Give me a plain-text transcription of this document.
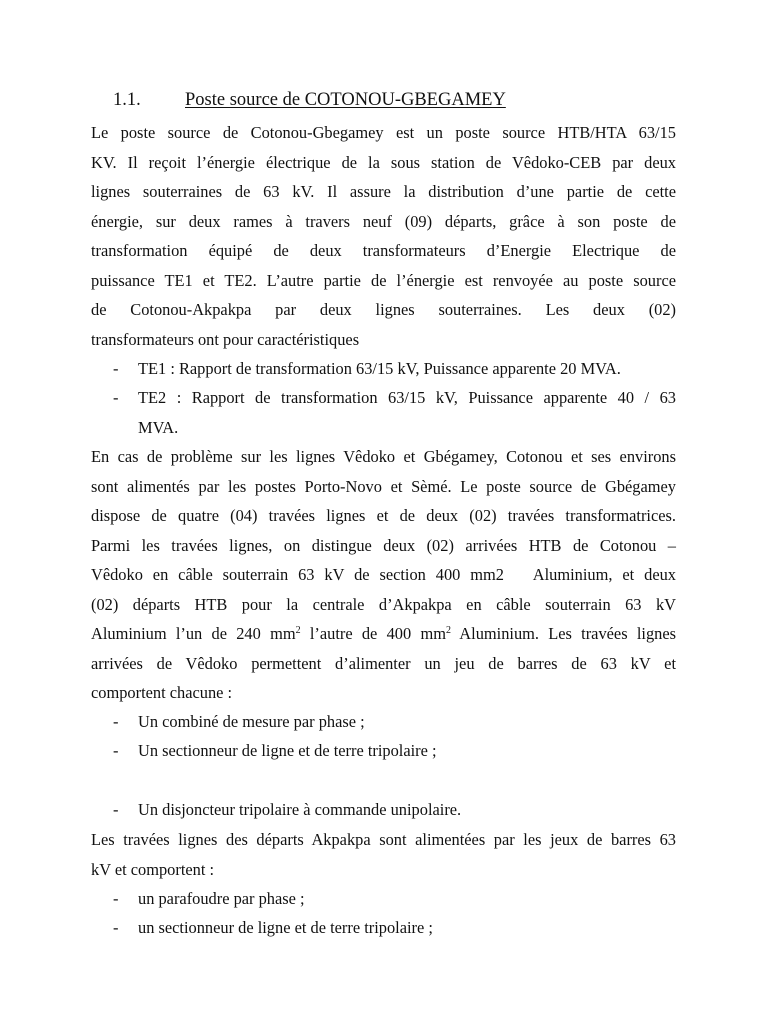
1.1. Poste source de COTONOU-GBEGAMEY
Le poste source de Cotonou-Gbegamey est un poste source HTB/HTA 63/15
KV. Il reçoit l’énergie électrique de la sous station de Vêdoko-CEB par deux
lignes souterraines de 63 kV. Il assure la distribution d’une partie de cette
énergie, sur deux rames à travers neuf (09) départs, grâce à son poste de
transformation équipé de deux transformateurs d’Energie Electrique de
puissance TE1 et TE2. L’autre partie de l’énergie est renvoyée au poste source
de Cotonou-Akpakpa par deux lignes souterraines. Les deux (02)
transformateurs ont pour caractéristiques
- TE1 : Rapport de transformation 63/15 kV, Puissance apparente 20 MVA.
- TE2 : Rapport de transformation 63/15 kV, Puissance apparente 40 / 63
MVA.
En cas de problème sur les lignes Vêdoko et Gbégamey, Cotonou et ses environs
sont alimentés par les postes Porto-Novo et Sèmé. Le poste source de Gbégamey
dispose de quatre (04) travées lignes et de deux (02) travées transformatrices.
Parmi les travées lignes, on distingue deux (02) arrivées HTB de Cotonou –
Vêdoko en câble souterrain 63 kV de section 400 mm2   Aluminium, et deux
(02) départs HTB pour la centrale d’Akpakpa en câble souterrain 63 kV
Aluminium l’un de 240 $mm^2$ l’autre de 400 $mm^2$ Aluminium. Les travées lignes
arrivées de Vêdoko permettent d’alimenter un jeu de barres de 63 kV et
comportent chacune :
- Un combiné de mesure par phase ;
- Un sectionneur de ligne et de terre tripolaire ;
- Un disjoncteur tripolaire à commande unipolaire.
Les travées lignes des départs Akpakpa sont alimentées par les jeux de barres 63
kV et comportent :
- un parafoudre par phase ;
- un sectionneur de ligne et de terre tripolaire ;
